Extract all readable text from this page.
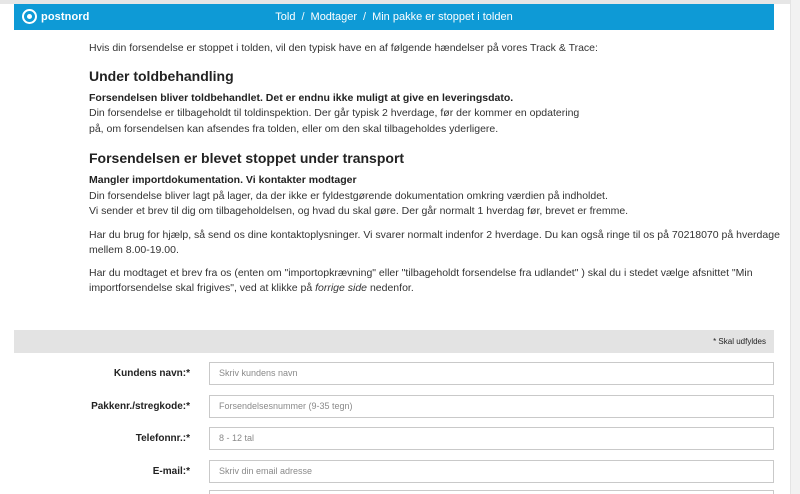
postnord	Told / Modtager / Min pakke er stoppet i tolden

Hvis din forsendelse er stoppet i tolden, vil den typisk have en af følgende hændelser på vores Track & Trace:

Under toldbehandling
Forsendelsen bliver toldbehandlet. Det er endnu ikke muligt at give en leveringsdato.
Din forsendelse er tilbageholdt til toldinspektion. Der går typisk 2 hverdage, før der kommer en opdatering
på, om forsendelsen kan afsendes fra tolden, eller om den skal tilbageholdes yderligere.
Forsendelsen er blevet stoppet under transport
Mangler importdokumentation. Vi kontakter modtager
Din forsendelse bliver lagt på lager, da der ikke er fyldestgørende dokumentation omkring værdien på indholdet.
Vi sender et brev til dig om tilbageholdelsen, og hvad du skal gøre. Der går normalt 1 hverdag før, brevet er fremme.

Har du brug for hjælp, så send os dine kontaktoplysninger. Vi svarer normalt indenfor 2 hverdage. Du kan også ringe til os på 70218070 på hverdage mellem 8.00-19.00.

Har du modtaget et brev fra os (enten om "importopkrævning" eller "tilbageholdt forsendelse fra udlandet" ) skal du i stedet vælge afsnittet "Min importforsendelse skal frigives", ved at klikke på forrige side nedenfor.

* Skal udfyldes
Kundens navn:*
Skriv kundens navn
Pakkenr./stregkode:*
Forsendelsesnummer (9-35 tegn)
Telefonnr.:*
8 - 12 tal
E-mail:*
Skriv din email adresse
